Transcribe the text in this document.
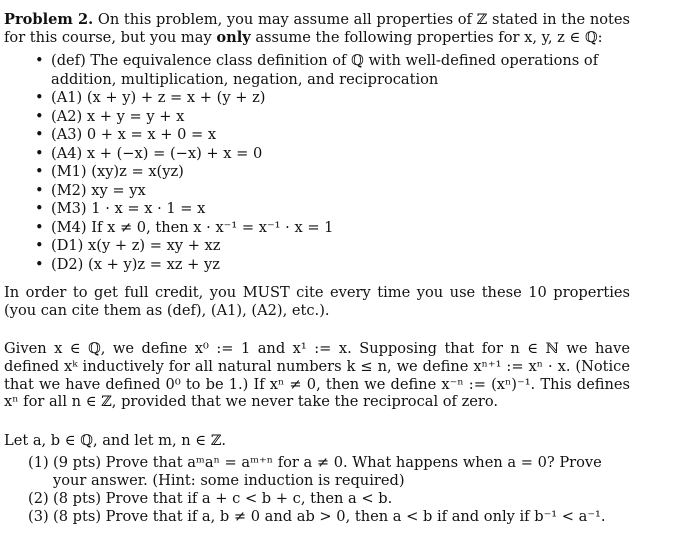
Problem 2. On this problem, you may assume all properties of ℤ stated in the notes for this course, but you may only assume the following properties for x, y, z ∈ ℚ:
• (def) The equivalence class definition of ℚ with well-defined operations of addition, multiplication, negation, and reciprocation
• (A1) (x + y) + z = x + (y + z)
• (A2) x + y = y + x
• (A3) 0 + x = x + 0 = x
• (A4) x + (−x) = (−x) + x = 0
• (M1) (xy)z = x(yz)
• (M2) xy = yx
• (M3) 1 · x = x · 1 = x
• (M4) If x ≠ 0, then x · x⁻¹ = x⁻¹ · x = 1
• (D1) x(y + z) = xy + xz
• (D2) (x + y)z = xz + yz
In order to get full credit, you MUST cite every time you use these 10 properties (you can cite them as (def), (A1), (A2), etc.).
Given x ∈ ℚ, we define x⁰ := 1 and x¹ := x. Supposing that for n ∈ ℕ we have defined xᵏ inductively for all natural numbers k ≤ n, we define xⁿ⁺¹ := xⁿ · x. (Notice that we have defined 0⁰ to be 1.) If xⁿ ≠ 0, then we define x⁻ⁿ := (xⁿ)⁻¹. This defines xⁿ for all n ∈ ℤ, provided that we never take the reciprocal of zero.
Let a, b ∈ ℚ, and let m, n ∈ ℤ.
(1) (9 pts) Prove that aᵐaⁿ = aᵐ⁺ⁿ for a ≠ 0. What happens when a = 0? Prove your answer. (Hint: some induction is required)
(2) (8 pts) Prove that if a + c < b + c, then a < b.
(3) (8 pts) Prove that if a, b ≠ 0 and ab > 0, then a < b if and only if b⁻¹ < a⁻¹.
